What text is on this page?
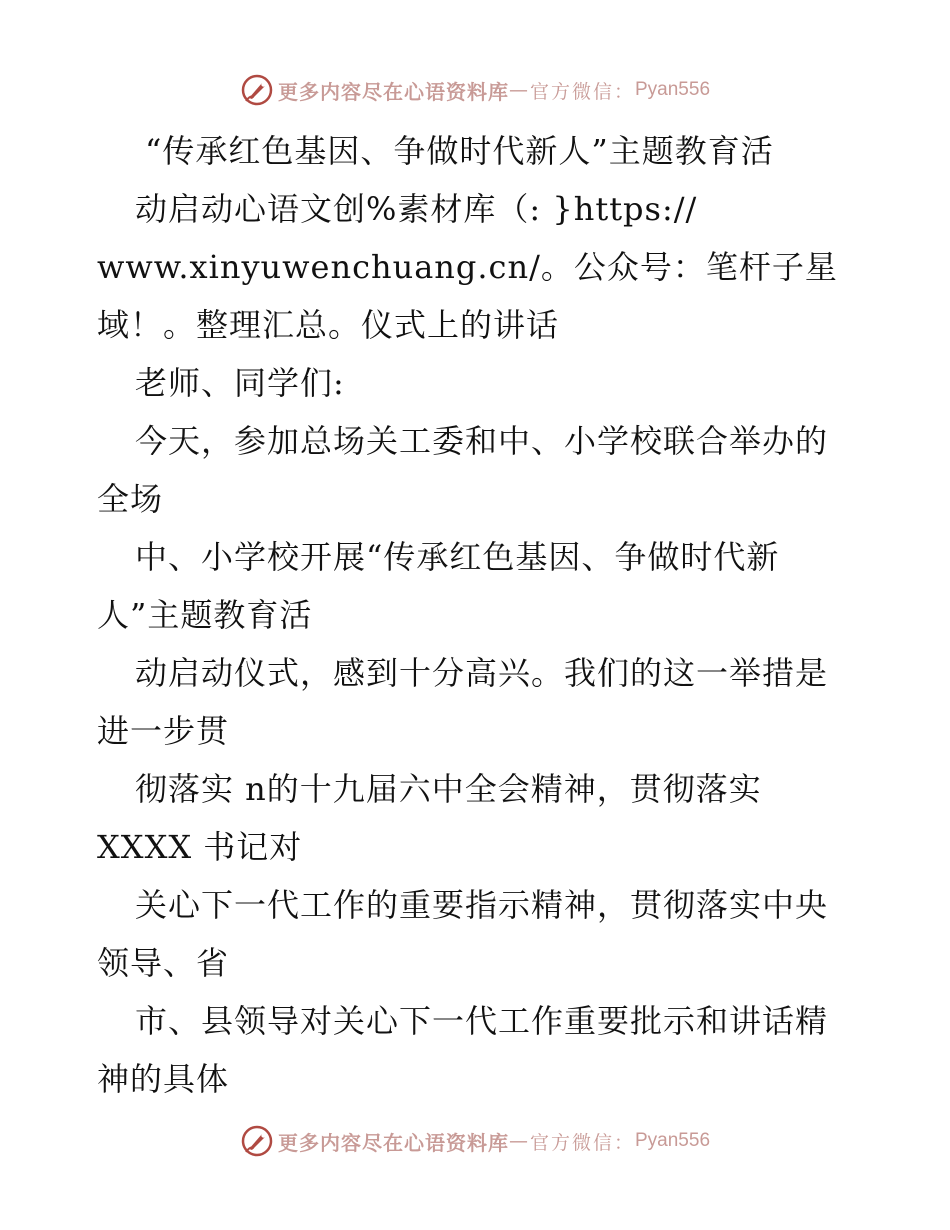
更多内容尽在心语资料库 — 官方微信： Pyan556
“传承红色基因、争做时代新人”主题教育活
动启动心语文创%素材库（: }https://
www.xinyuwenchuang.cn/。公众号：笔杆子星
域！。整理汇总。仪式上的讲话
老师、同学们:
今天，参加总场关工委和中、小学校联合举办的
全场
中、小学校开展“传承红色基因、争做时代新
人”主题教育活
动启动仪式，感到十分高兴。我们的这一举措是
进一步贯
彻落实 n的十九届六中全会精神，贯彻落实
XXXX 书记对
关心下一代工作的重要指示精神，贯彻落实中央
领导、省
市、县领导对关心下一代工作重要批示和讲话精
神的具体
更多内容尽在心语资料库 — 官方微信： Pyan556
